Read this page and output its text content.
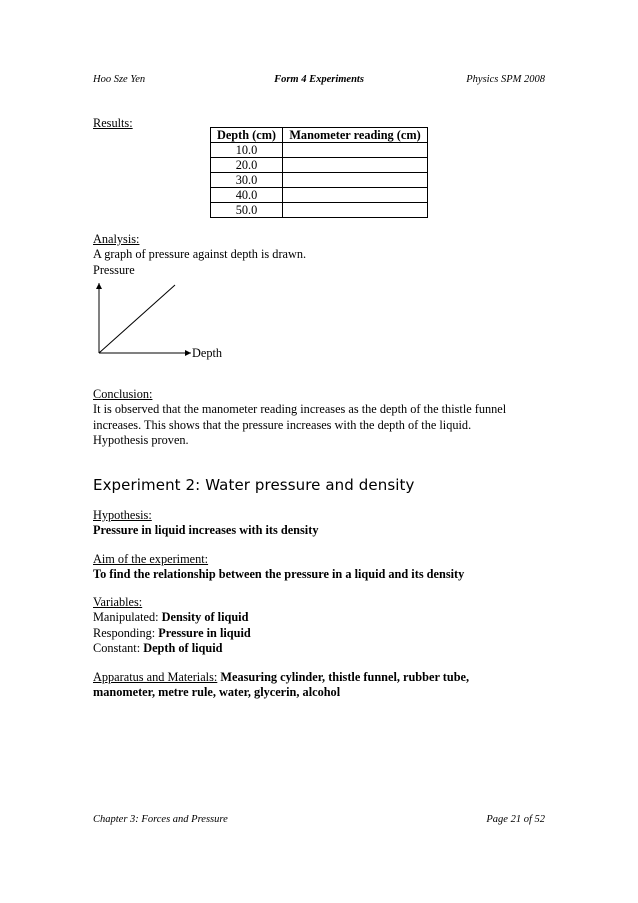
Hoo Sze Yen	Form 4 Experiments	Physics SPM 2008
Results:
Depth (cm)	Manometer reading (cm)
10.0	
20.0	
30.0	
40.0	
50.0	
Analysis:
A graph of pressure against depth is drawn.
Pressure
Depth
Conclusion:
It is observed that the manometer reading increases as the depth of the thistle funnel
increases. This shows that the pressure increases with the depth of the liquid.
Hypothesis proven.
Experiment 2: Water pressure and density
Hypothesis:
Pressure in liquid increases with its density
Aim of the experiment:
To find the relationship between the pressure in a liquid and its density
Variables:
Manipulated: Density of liquid
Responding: Pressure in liquid
Constant: Depth of liquid
Apparatus and Materials: Measuring cylinder, thistle funnel, rubber tube,
manometer, metre rule, water, glycerin, alcohol
Chapter 3: Forces and Pressure	Page 21 of 52
